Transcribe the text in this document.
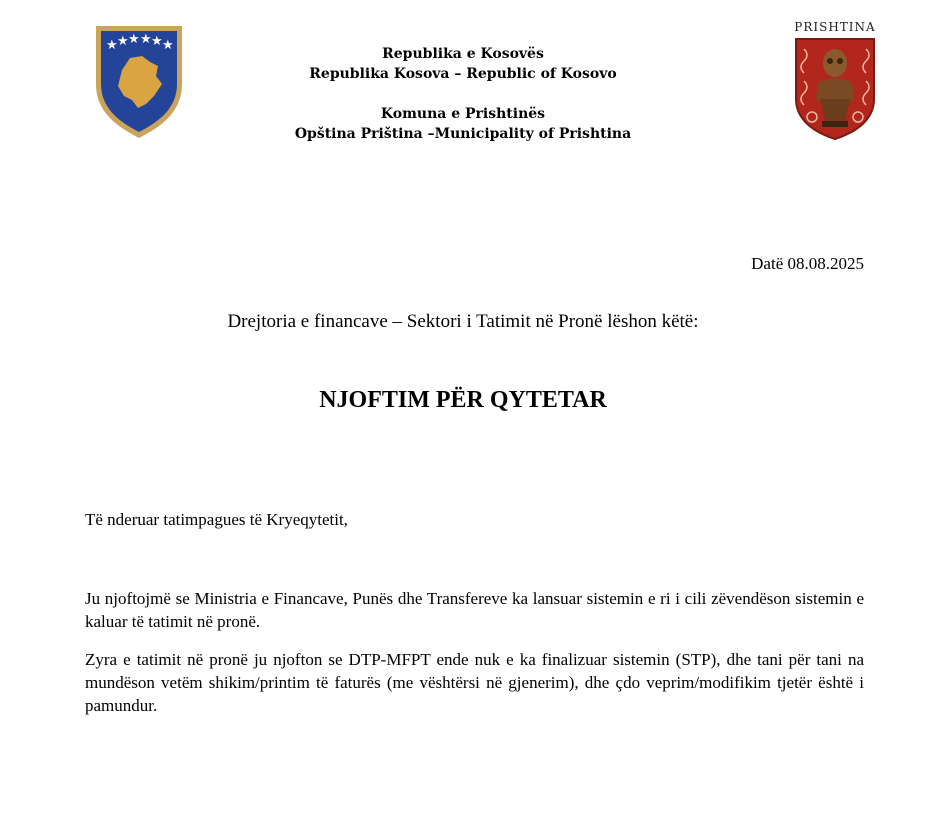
★ ★ ★ ★ ★ ★
Republika e Kosovës
Republika Kosova – Republic of Kosovo
Komuna e Prishtinës
Opština Priština –Municipality of Prishtina
PRISHTINA
Datë 08.08.2025
Drejtoria e financave – Sektori i Tatimit në Pronë lëshon këtë:
NJOFTIM PËR QYTETAR
Të nderuar tatimpagues të Kryeqytetit,
Ju njoftojmë se Ministria e Financave, Punës dhe Transfereve ka lansuar sistemin e ri i cili zëvendëson sistemin e kaluar të tatimit në pronë.
Zyra e tatimit në pronë ju njofton se DTP-MFPT ende nuk e ka finalizuar sistemin (STP), dhe tani për tani na mundëson vetëm shikim/printim të faturës (me vështërsi në gjenerim), dhe çdo veprim/modifikim tjetër është i pamundur.
